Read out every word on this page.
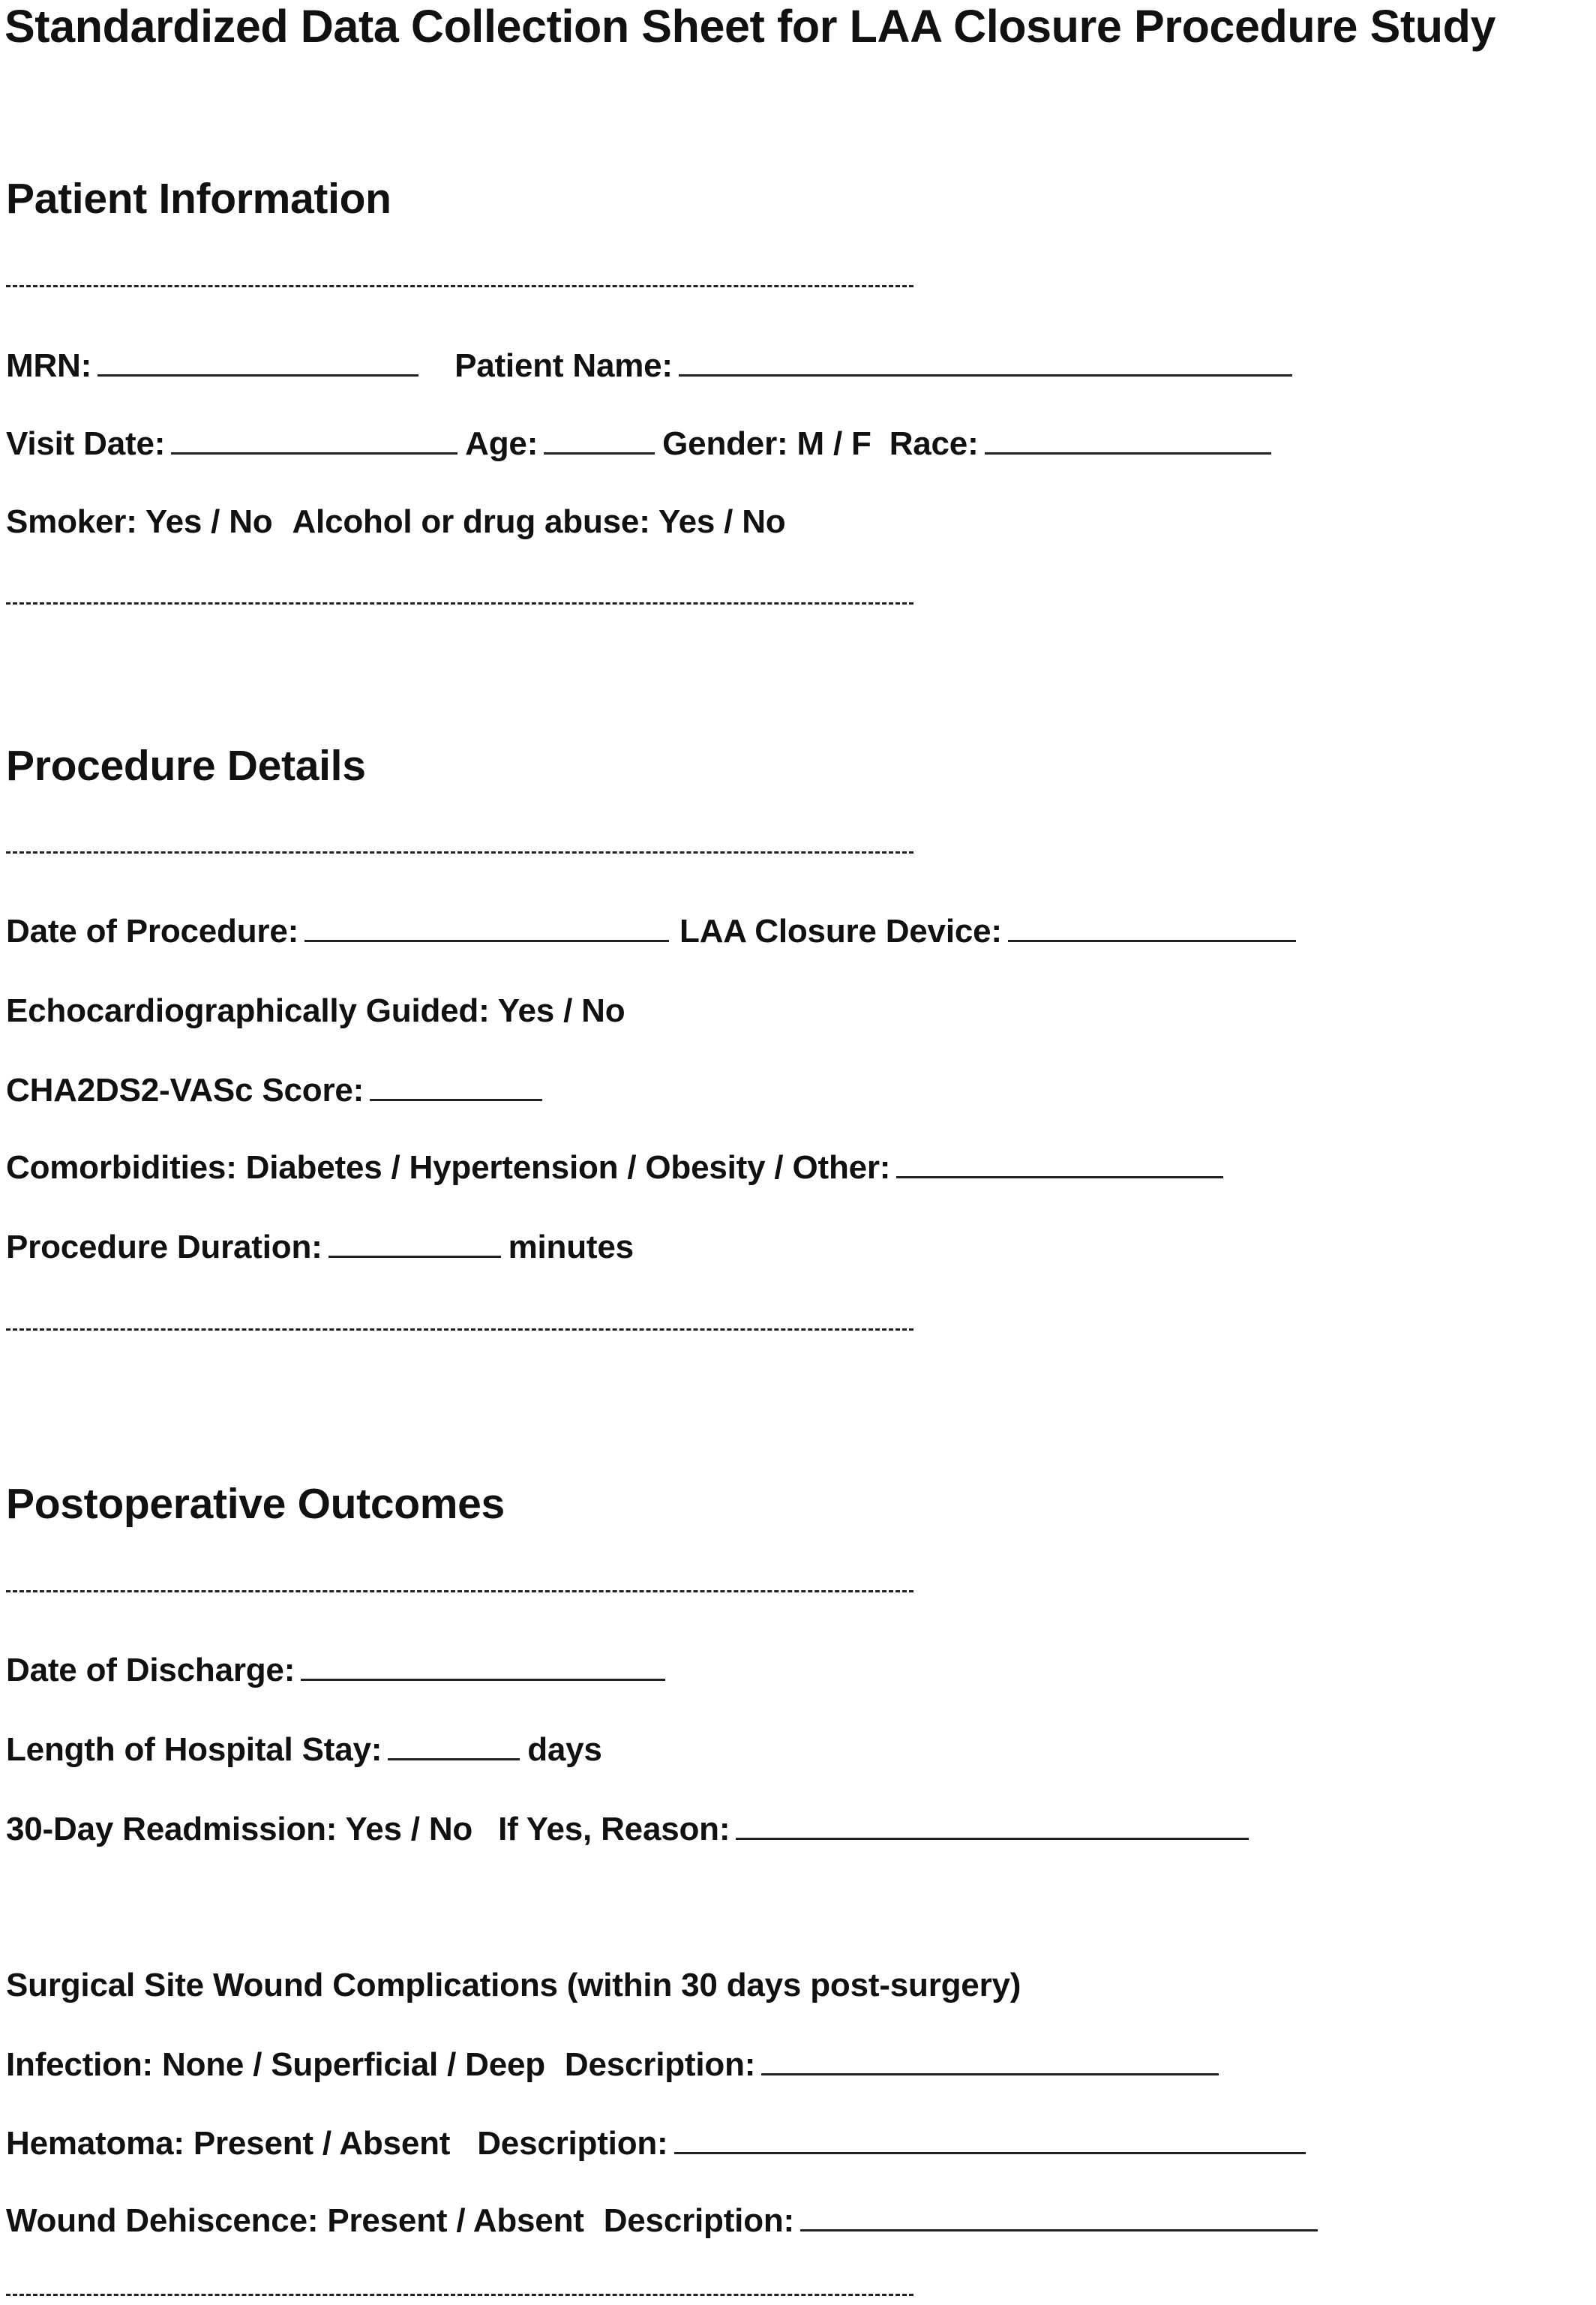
Standardized Data Collection Sheet for LAA Closure Procedure Study
Patient Information
MRN:	Patient Name:
Visit Date:	Age:	Gender: M / F Race:
Smoker: Yes / No Alcohol or drug abuse: Yes / No
Procedure Details
Date of Procedure:	LAA Closure Device:
Echocardiographically Guided: Yes / No
CHA2DS2-VASc Score:
Comorbidities: Diabetes / Hypertension / Obesity / Other:
Procedure Duration:	minutes
Postoperative Outcomes
Date of Discharge:
Length of Hospital Stay:	days
30-Day Readmission: Yes / No If Yes, Reason:
Surgical Site Wound Complications (within 30 days post-surgery)
Infection: None / Superficial / Deep Description:
Hematoma: Present / Absent Description:
Wound Dehiscence: Present / Absent Description:
